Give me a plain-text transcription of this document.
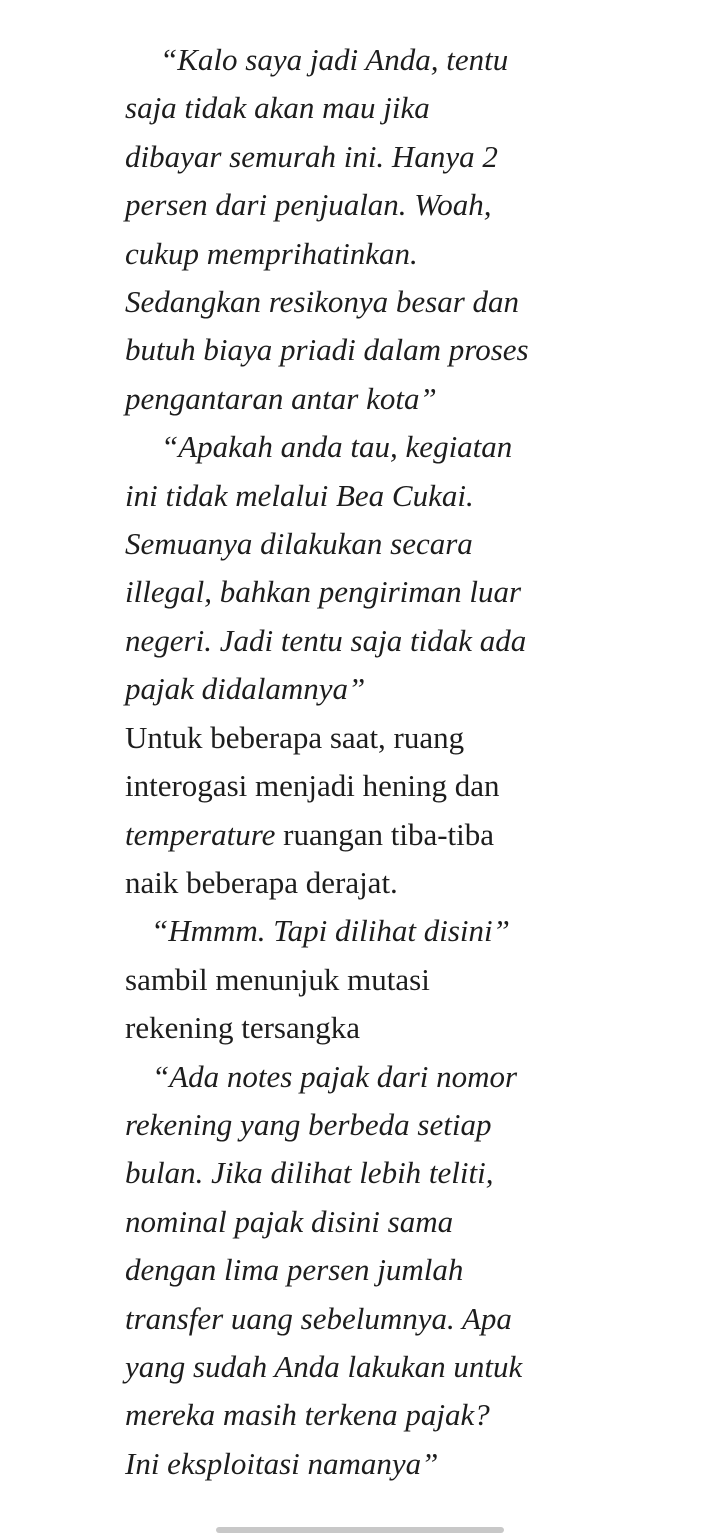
“Kalo saya jadi Anda, tentu
saja tidak akan mau jika
dibayar semurah ini. Hanya 2
persen dari penjualan. Woah,
cukup memprihatinkan.
Sedangkan resikonya besar dan
butuh biaya priadi dalam proses
pengantaran antar kota”

“Apakah anda tau, kegiatan
ini tidak melalui Bea Cukai.
Semuanya dilakukan secara
illegal, bahkan pengiriman luar
negeri. Jadi tentu saja tidak ada
pajak didalamnya”

Untuk beberapa saat, ruang
interogasi menjadi hening dan
temperature ruangan tiba-tiba
naik beberapa derajat.

“Hmmm. Tapi dilihat disini”
sambil menunjuk mutasi
rekening tersangka

“Ada notes pajak dari nomor
rekening yang berbeda setiap
bulan. Jika dilihat lebih teliti,
nominal pajak disini sama
dengan lima persen jumlah
transfer uang sebelumnya. Apa
yang sudah Anda lakukan untuk
mereka masih terkena pajak?
Ini eksploitasi namanya”
